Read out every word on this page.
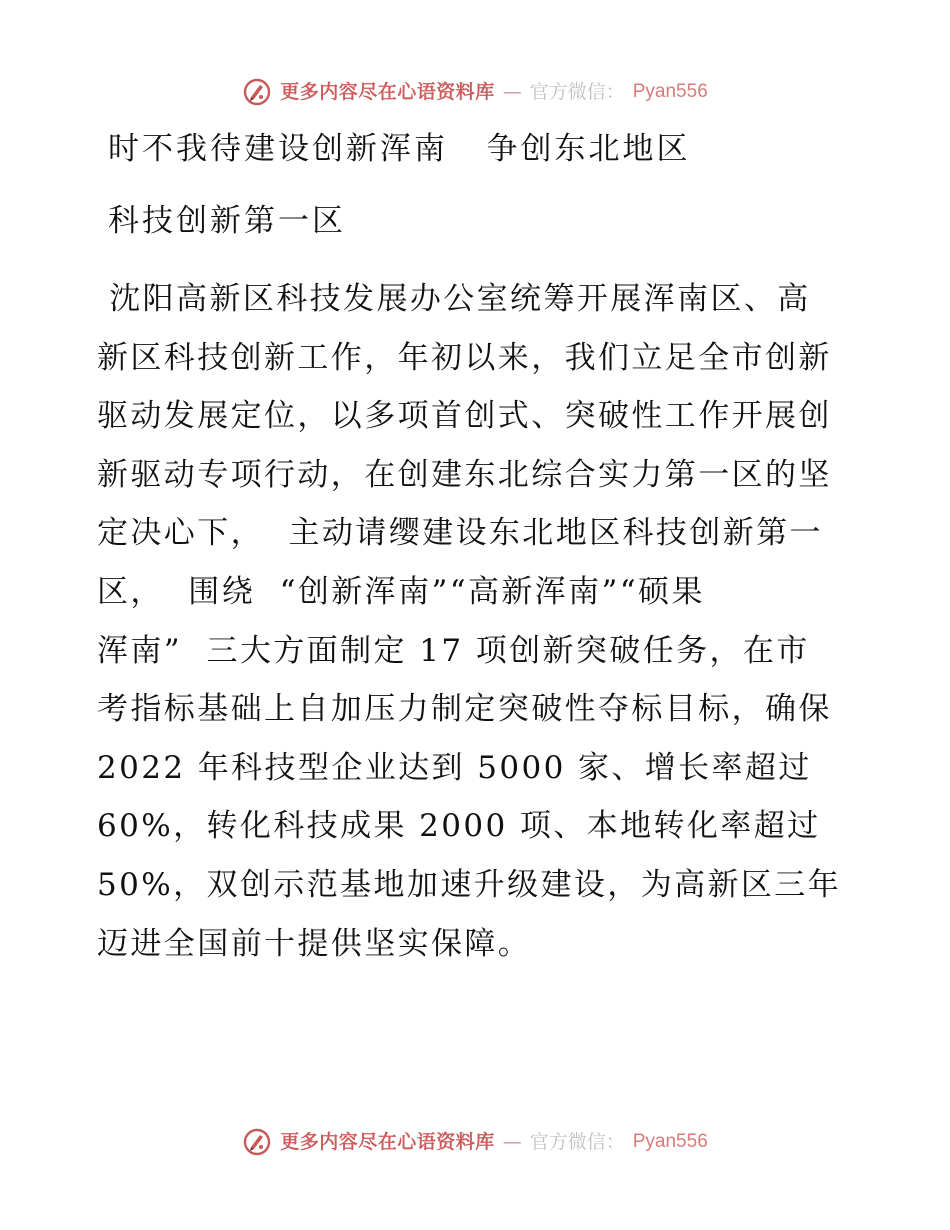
更多内容尽在心语资料库 — 官方微信： Pyan556
时不我待建设创新浑南   争创东北地区
科技创新第一区
沈阳高新区科技发展办公室统筹开展浑南区、高
新区科技创新工作，年初以来，我们立足全市创新
驱动发展定位，以多项首创式、突破性工作开展创
新驱动专项行动，在创建东北综合实力第一区的坚
定决心下，  主动请缨建设东北地区科技创新第一
区，  围绕  “创新浑南”“高新浑南”“硕果
浑南”  三大方面制定 17 项创新突破任务，在市
考指标基础上自加压力制定突破性夺标目标，确保
2022 年科技型企业达到 5000 家、增长率超过
60%，转化科技成果 2000 项、本地转化率超过
50%，双创示范基地加速升级建设，为高新区三年
迈进全国前十提供坚实保障。
更多内容尽在心语资料库 — 官方微信： Pyan556
